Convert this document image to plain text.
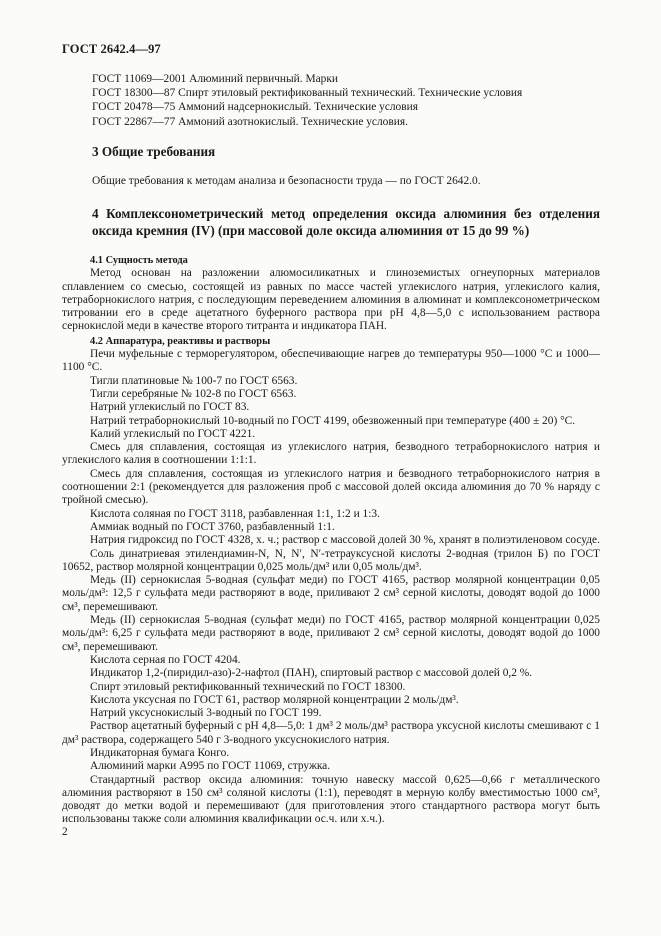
ГОСТ 2642.4—97
ГОСТ 11069—2001 Алюминий первичный. Марки
ГОСТ 18300—87 Спирт этиловый ректификованный технический. Технические условия
ГОСТ 20478—75 Аммоний надсернокислый. Технические условия
ГОСТ 22867—77 Аммоний азотнокислый. Технические условия.
3 Общие требования
Общие требования к методам анализа и безопасности труда — по ГОСТ 2642.0.
4 Комплексонометрический метод определения оксида алюминия без отделения оксида кремния (IV) (при массовой доле оксида алюминия от 15 до 99 %)

4.1 Сущность метода

Метод основан на разложении алюмосиликатных и глиноземистых огнеупорных материалов сплавлением со смесью, состоящей из равных по массе частей углекислого натрия, углекислого калия, тетраборнокислого натрия, с последующим переведением алюминия в алюминат и комплексонометрическом титровании его в среде ацетатного буферного раствора при pH 4,8—5,0 с использованием раствора сернокислой меди в качестве второго титранта и индикатора ПАН.

4.2 Аппаратура, реактивы и растворы

Печи муфельные с терморегулятором, обеспечивающие нагрев до температуры 950—1000 °С и 1000—1100 °С.

Тигли платиновые № 100-7 по ГОСТ 6563.

Тигли серебряные № 102-8 по ГОСТ 6563.

Натрий углекислый по ГОСТ 83.

Натрий тетраборнокислый 10-водный по ГОСТ 4199, обезвоженный при температуре (400 ± 20) °С.

Калий углекислый по ГОСТ 4221.

Смесь для сплавления, состоящая из углекислого натрия, безводного тетраборнокислого натрия и углекислого калия в соотношении 1:1:1.

Смесь для сплавления, состоящая из углекислого натрия и безводного тетраборнокислого натрия в соотношении 2:1 (рекомендуется для разложения проб с массовой долей оксида алюминия до 70 % наряду с тройной смесью).

Кислота соляная по ГОСТ 3118, разбавленная 1:1, 1:2 и 1:3.

Аммиак водный по ГОСТ 3760, разбавленный 1:1.

Натрия гидроксид по ГОСТ 4328, х. ч.; раствор с массовой долей 30 %, хранят в полиэтиленовом сосуде.

Соль динатриевая этилендиамин-N, N, N′, N′-тетрауксусной кислоты 2-водная (трилон Б) по ГОСТ 10652, раствор молярной концентрации 0,025 моль/дм³ или 0,05 моль/дм³.

Медь (II) сернокислая 5-водная (сульфат меди) по ГОСТ 4165, раствор молярной концентрации 0,05 моль/дм³: 12,5 г сульфата меди растворяют в воде, приливают 2 см³ серной кислоты, доводят водой до 1000 см³, перемешивают.

Медь (II) сернокислая 5-водная (сульфат меди) по ГОСТ 4165, раствор молярной концентрации 0,025 моль/дм³: 6,25 г сульфата меди растворяют в воде, приливают 2 см³ серной кислоты, доводят водой до 1000 см³, перемешивают.

Кислота серная по ГОСТ 4204.

Индикатор 1,2-(пиридил-азо)-2-нафтол (ПАН), спиртовый раствор с массовой долей 0,2 %.

Спирт этиловый ректификованный технический по ГОСТ 18300.

Кислота уксусная по ГОСТ 61, раствор молярной концентрации 2 моль/дм³.

Натрий уксуснокислый 3-водный по ГОСТ 199.

Раствор ацетатный буферный с pH 4,8—5,0: 1 дм³ 2 моль/дм³ раствора уксусной кислоты смешивают с 1 дм³ раствора, содержащего 540 г 3-водного уксуснокислого натрия.

Индикаторная бумага Конго.

Алюминий марки А995 по ГОСТ 11069, стружка.

Стандартный раствор оксида алюминия: точную навеску массой 0,625—0,66 г металлического алюминия растворяют в 150 см³ соляной кислоты (1:1), переводят в мерную колбу вместимостью 1000 см³, доводят до метки водой и перемешивают (для приготовления этого стандартного раствора могут быть использованы также соли алюминия квалификации ос.ч. или х.ч.).

2
